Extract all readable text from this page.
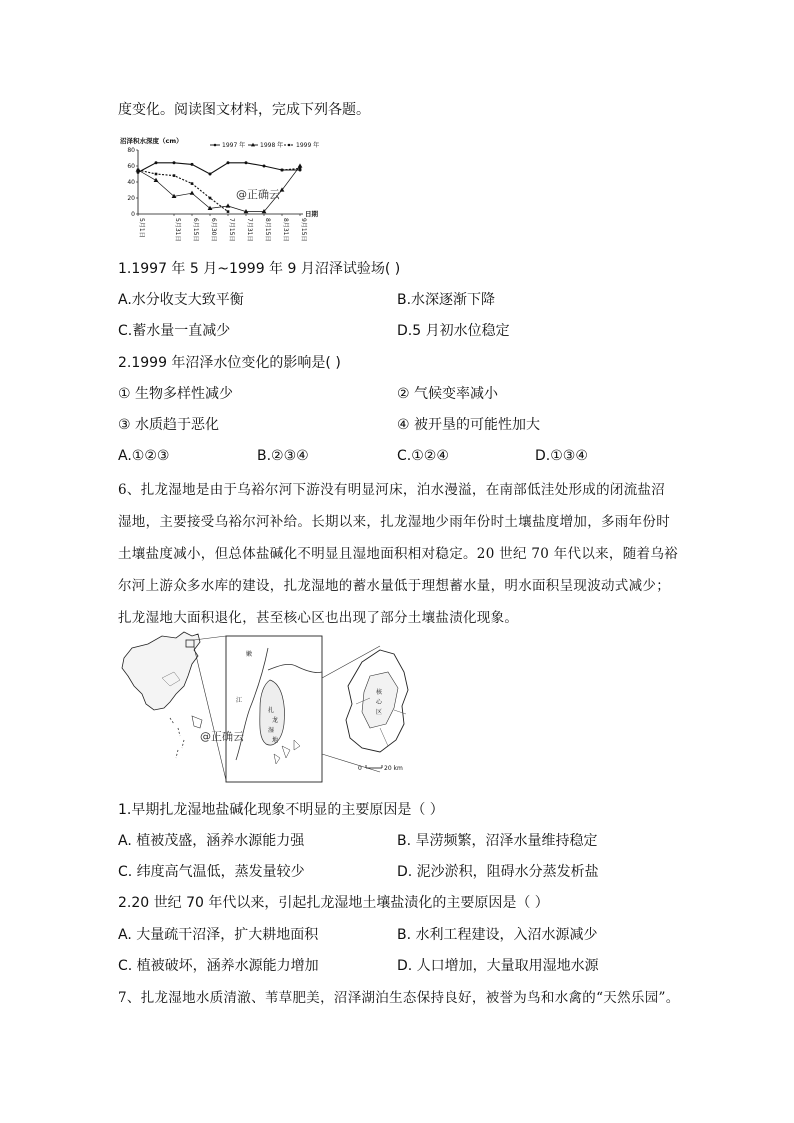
度变化。阅读图文材料，完成下列各题。
沼泽积水深度（cm）
1997 年 1998 年 1999 年
80
60
40
20
0
5月1日	5月31日 6月15日 6月30日 7月15日 7月31日 8月15日 8月31日 9月15日
日期
@正确云
1.1997 年 5 月~1999 年 9 月沼泽试验场( )
A.水分收支大致平衡	B.水深逐渐下降
C.蓄水量一直减少	D.5 月初水位稳定
2.1999 年沼泽水位变化的影响是( )
① 生物多样性减少	② 气候变率减小
③ 水质趋于恶化	④ 被开垦的可能性加大
A.①②③	B.②③④	C.①②④	D.①③④
6、扎龙湿地是由于乌裕尔河下游没有明显河床，泊水漫溢，在南部低洼处形成的闭流盐沼
湿地，主要接受乌裕尔河补给。长期以来，扎龙湿地少雨年份时土壤盐度增加，多雨年份时
土壤盐度减小，但总体盐碱化不明显且湿地面积相对稳定。20 世纪 70 年代以来，随着乌裕
尔河上游众多水库的建设，扎龙湿地的蓄水量低于理想蓄水量，明水面积呈现波动式减少；
扎龙湿地大面积退化，甚至核心区也出现了部分土壤盐渍化现象。
嫩
江
扎
龙
湿
地
核
心
区
0	20 km
@正确云
1.早期扎龙湿地盐碱化现象不明显的主要原因是（ ）
A. 植被茂盛，涵养水源能力强	B. 旱涝频繁，沼泽水量维持稳定
C. 纬度高气温低，蒸发量较少	D. 泥沙淤积，阻碍水分蒸发析盐
2.20 世纪 70 年代以来，引起扎龙湿地土壤盐渍化的主要原因是（ ）
A. 大量疏干沼泽，扩大耕地面积	B. 水利工程建设，入沼水源减少
C. 植被破坏，涵养水源能力增加	D. 人口增加，大量取用湿地水源
7、扎龙湿地水质清澈、苇草肥美，沼泽湖泊生态保持良好，被誉为鸟和水禽的“天然乐园”。
